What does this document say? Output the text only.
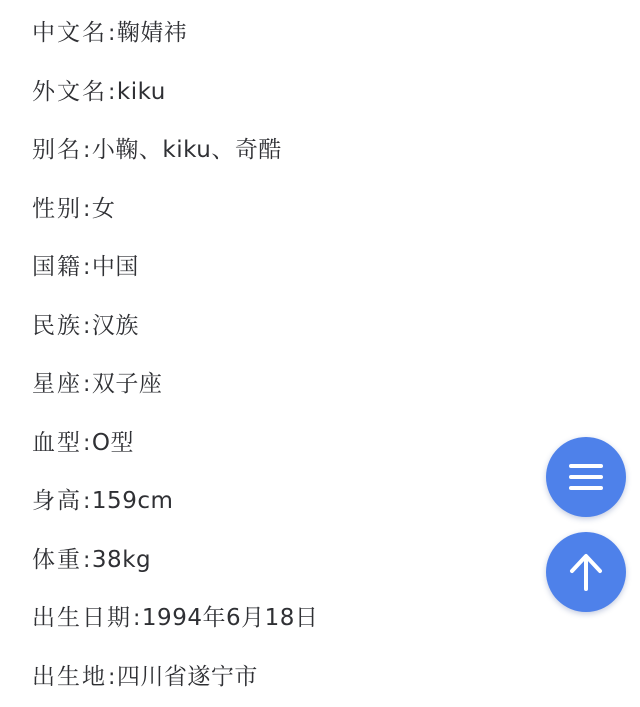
中文名:鞠婧祎
外文名:kiku
别名:小鞠、kiku、奇酷
性别:女
国籍:中国
民族:汉族
星座:双子座
血型:O型
身高:159cm
体重:38kg
出生日期:1994年6月18日
出生地:四川省遂宁市
